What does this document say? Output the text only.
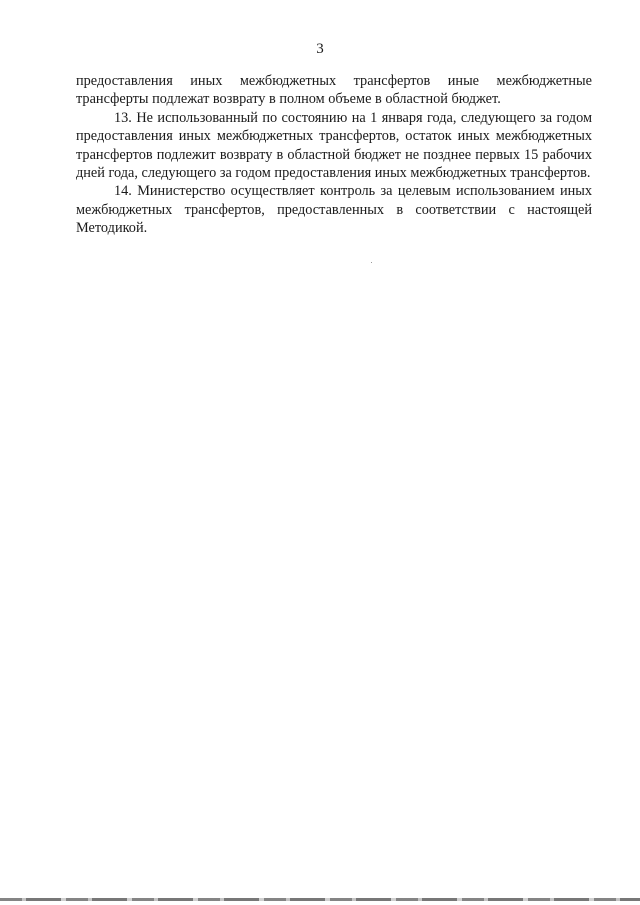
3

предоставления иных межбюджетных трансфертов иные межбюджетные трансферты подлежат возврату в полном объеме в областной бюджет.

13. Не использованный по состоянию на 1 января года, следующего за годом предоставления иных межбюджетных трансфертов, остаток иных межбюджетных трансфертов подлежит возврату в областной бюджет не позднее первых 15 рабочих дней года, следующего за годом предоставления иных межбюджетных трансфертов.

14. Министерство осуществляет контроль за целевым использованием иных межбюджетных трансфертов, предоставленных в соответствии с настоящей Методикой.
